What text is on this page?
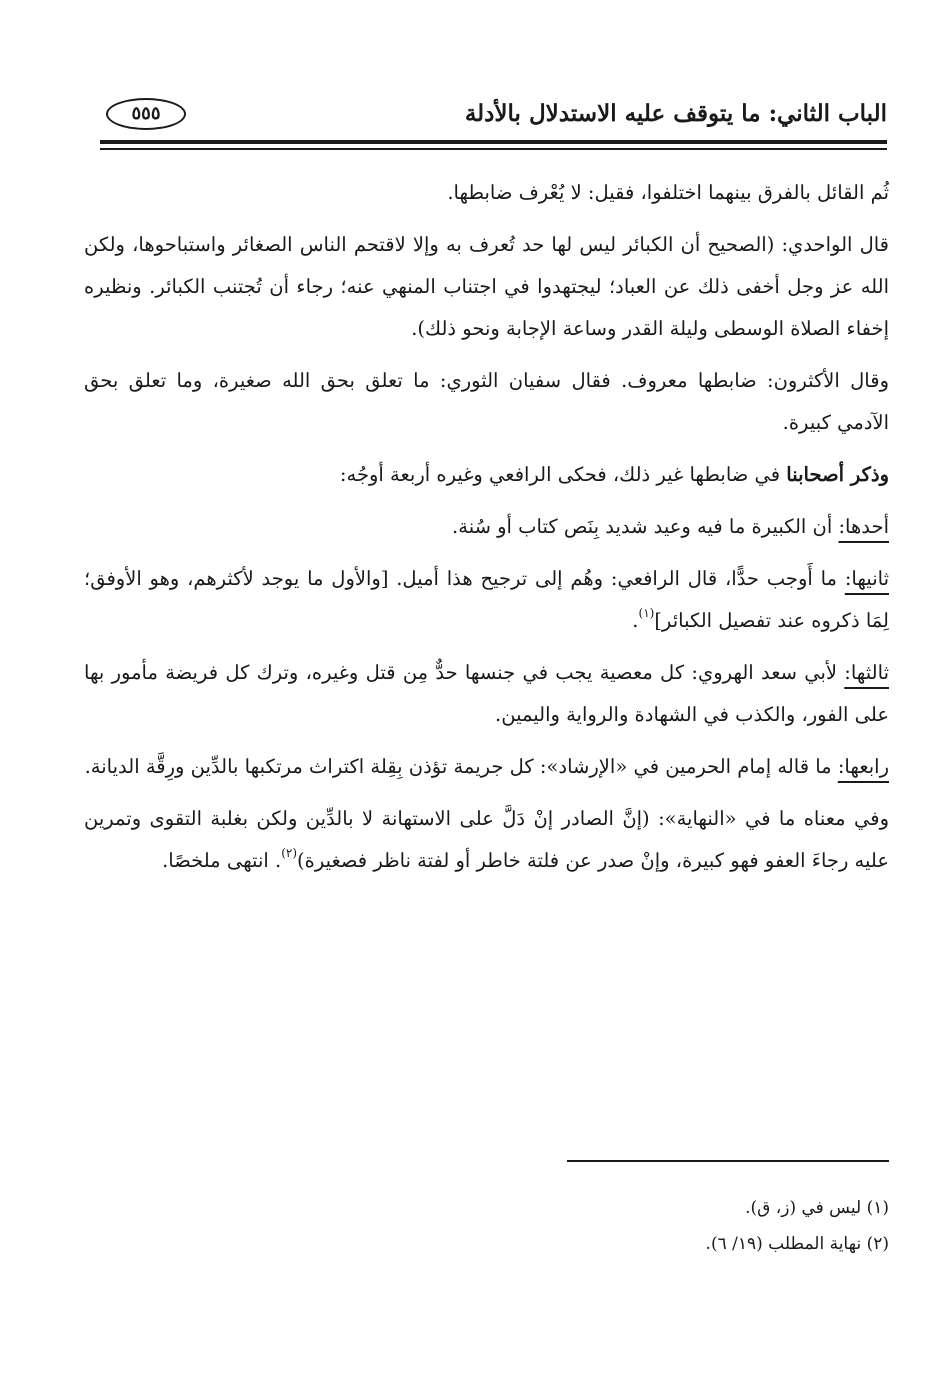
الباب الثاني: ما يتوقف عليه الاستدلال بالأدلة
٥٥٥

ثُم القائل بالفرق بينهما اختلفوا، فقيل: لا يُعْرف ضابطها.

قال الواحدي: (الصحيح أن الكبائر ليس لها حد تُعرف به وإلا لاقتحم الناس الصغائر واستباحوها، ولكن الله عز وجل أخفى ذلك عن العباد؛ ليجتهدوا في اجتناب المنهي عنه؛ رجاء أن تُجتنب الكبائر. ونظيره إخفاء الصلاة الوسطى وليلة القدر وساعة الإجابة ونحو ذلك).

وقال الأكثرون: ضابطها معروف. فقال سفيان الثوري: ما تعلق بحق الله صغيرة، وما تعلق بحق الآدمي كبيرة.

وذكر أصحابنا في ضابطها غير ذلك، فحكى الرافعي وغيره أربعة أوجُه:

أحدها: أن الكبيرة ما فيه وعيد شديد بِنَص كتاب أو سُنة.

ثانيها: ما أَوجب حدًّا، قال الرافعي: وهُم إلى ترجيح هذا أميل. [والأول ما يوجد لأكثرهم، وهو الأوفق؛ لِمَا ذكروه عند تفصيل الكبائر]$^{(١)}$.

ثالثها: لأبي سعد الهروي: كل معصية يجب في جنسها حدٌّ مِن قتل وغيره، وترك كل فريضة مأمور بها على الفور، والكذب في الشهادة والرواية واليمين.

رابعها: ما قاله إمام الحرمين في «الإرشاد»: كل جريمة تؤذن بِقِلة اكتراث مرتكبها بالدِّين ورِقَّة الديانة.

وفي معناه ما في «النهاية»: (إنَّ الصادر إنْ دَلَّ على الاستهانة لا بالدِّين ولكن بغلبة التقوى وتمرين عليه رجاءَ العفو فهو كبيرة، وإنْ صدر عن فلتة خاطر أو لفتة ناظر فصغيرة)$^{(٢)}$. انتهى ملخصًا.

(١) ليس في (ز، ق).
(٢) نهاية المطلب (١٩/ ٦).
